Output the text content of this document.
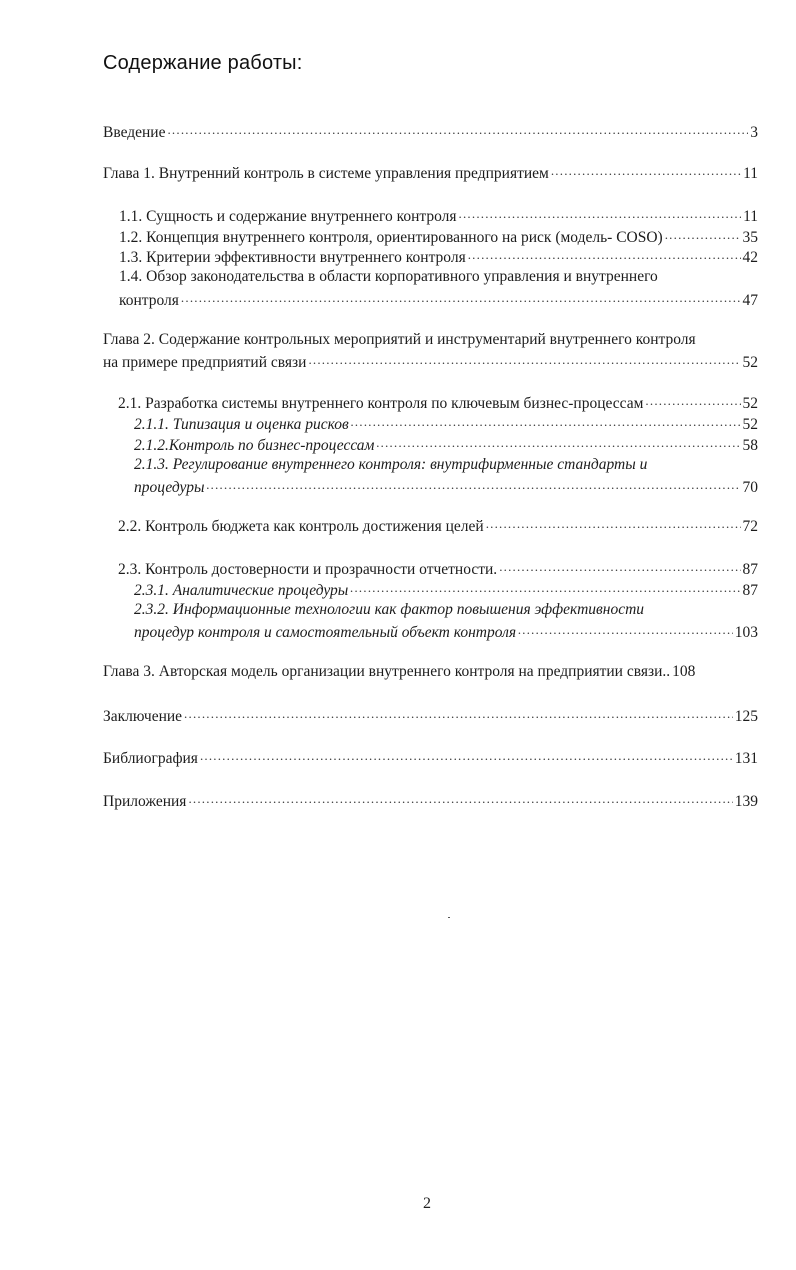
Содержание работы:
Введение .....	3
Глава 1. Внутренний контроль в системе управления предприятием .....	11
1.1. Сущность и содержание внутреннего контроля .....	11
1.2. Концепция внутреннего контроля, ориентированного на риск (модель- COSO) .....	35
1.3. Критерии эффективности внутреннего контроля .....	42
1.4. Обзор законодательства в области корпоративного управления и внутреннего
контроля .....	47
Глава 2. Содержание контрольных мероприятий и инструментарий внутреннего контроля
на примере предприятий связи .....	52
2.1. Разработка системы внутреннего контроля по ключевым бизнес-процессам .....	52
2.1.1. Типизация и оценка рисков .....	52
2.1.2.Контроль по бизнес-процессам .....	58
2.1.3. Регулирование внутреннего контроля: внутрифирменные стандарты и
процедуры .....	70
2.2. Контроль бюджета как контроль достижения целей .....	72
2.3. Контроль достоверности и прозрачности отчетности. .....	87
2.3.1. Аналитические процедуры .....	87
2.3.2. Информационные технологии как фактор повышения эффективности
процедур контроля и самостоятельный объект контроля .....	103
Глава 3. Авторская модель организации внутреннего контроля на предприятии связи.. 108
Заключение .....	125
Библиография .....	131
Приложения .....	139
2
